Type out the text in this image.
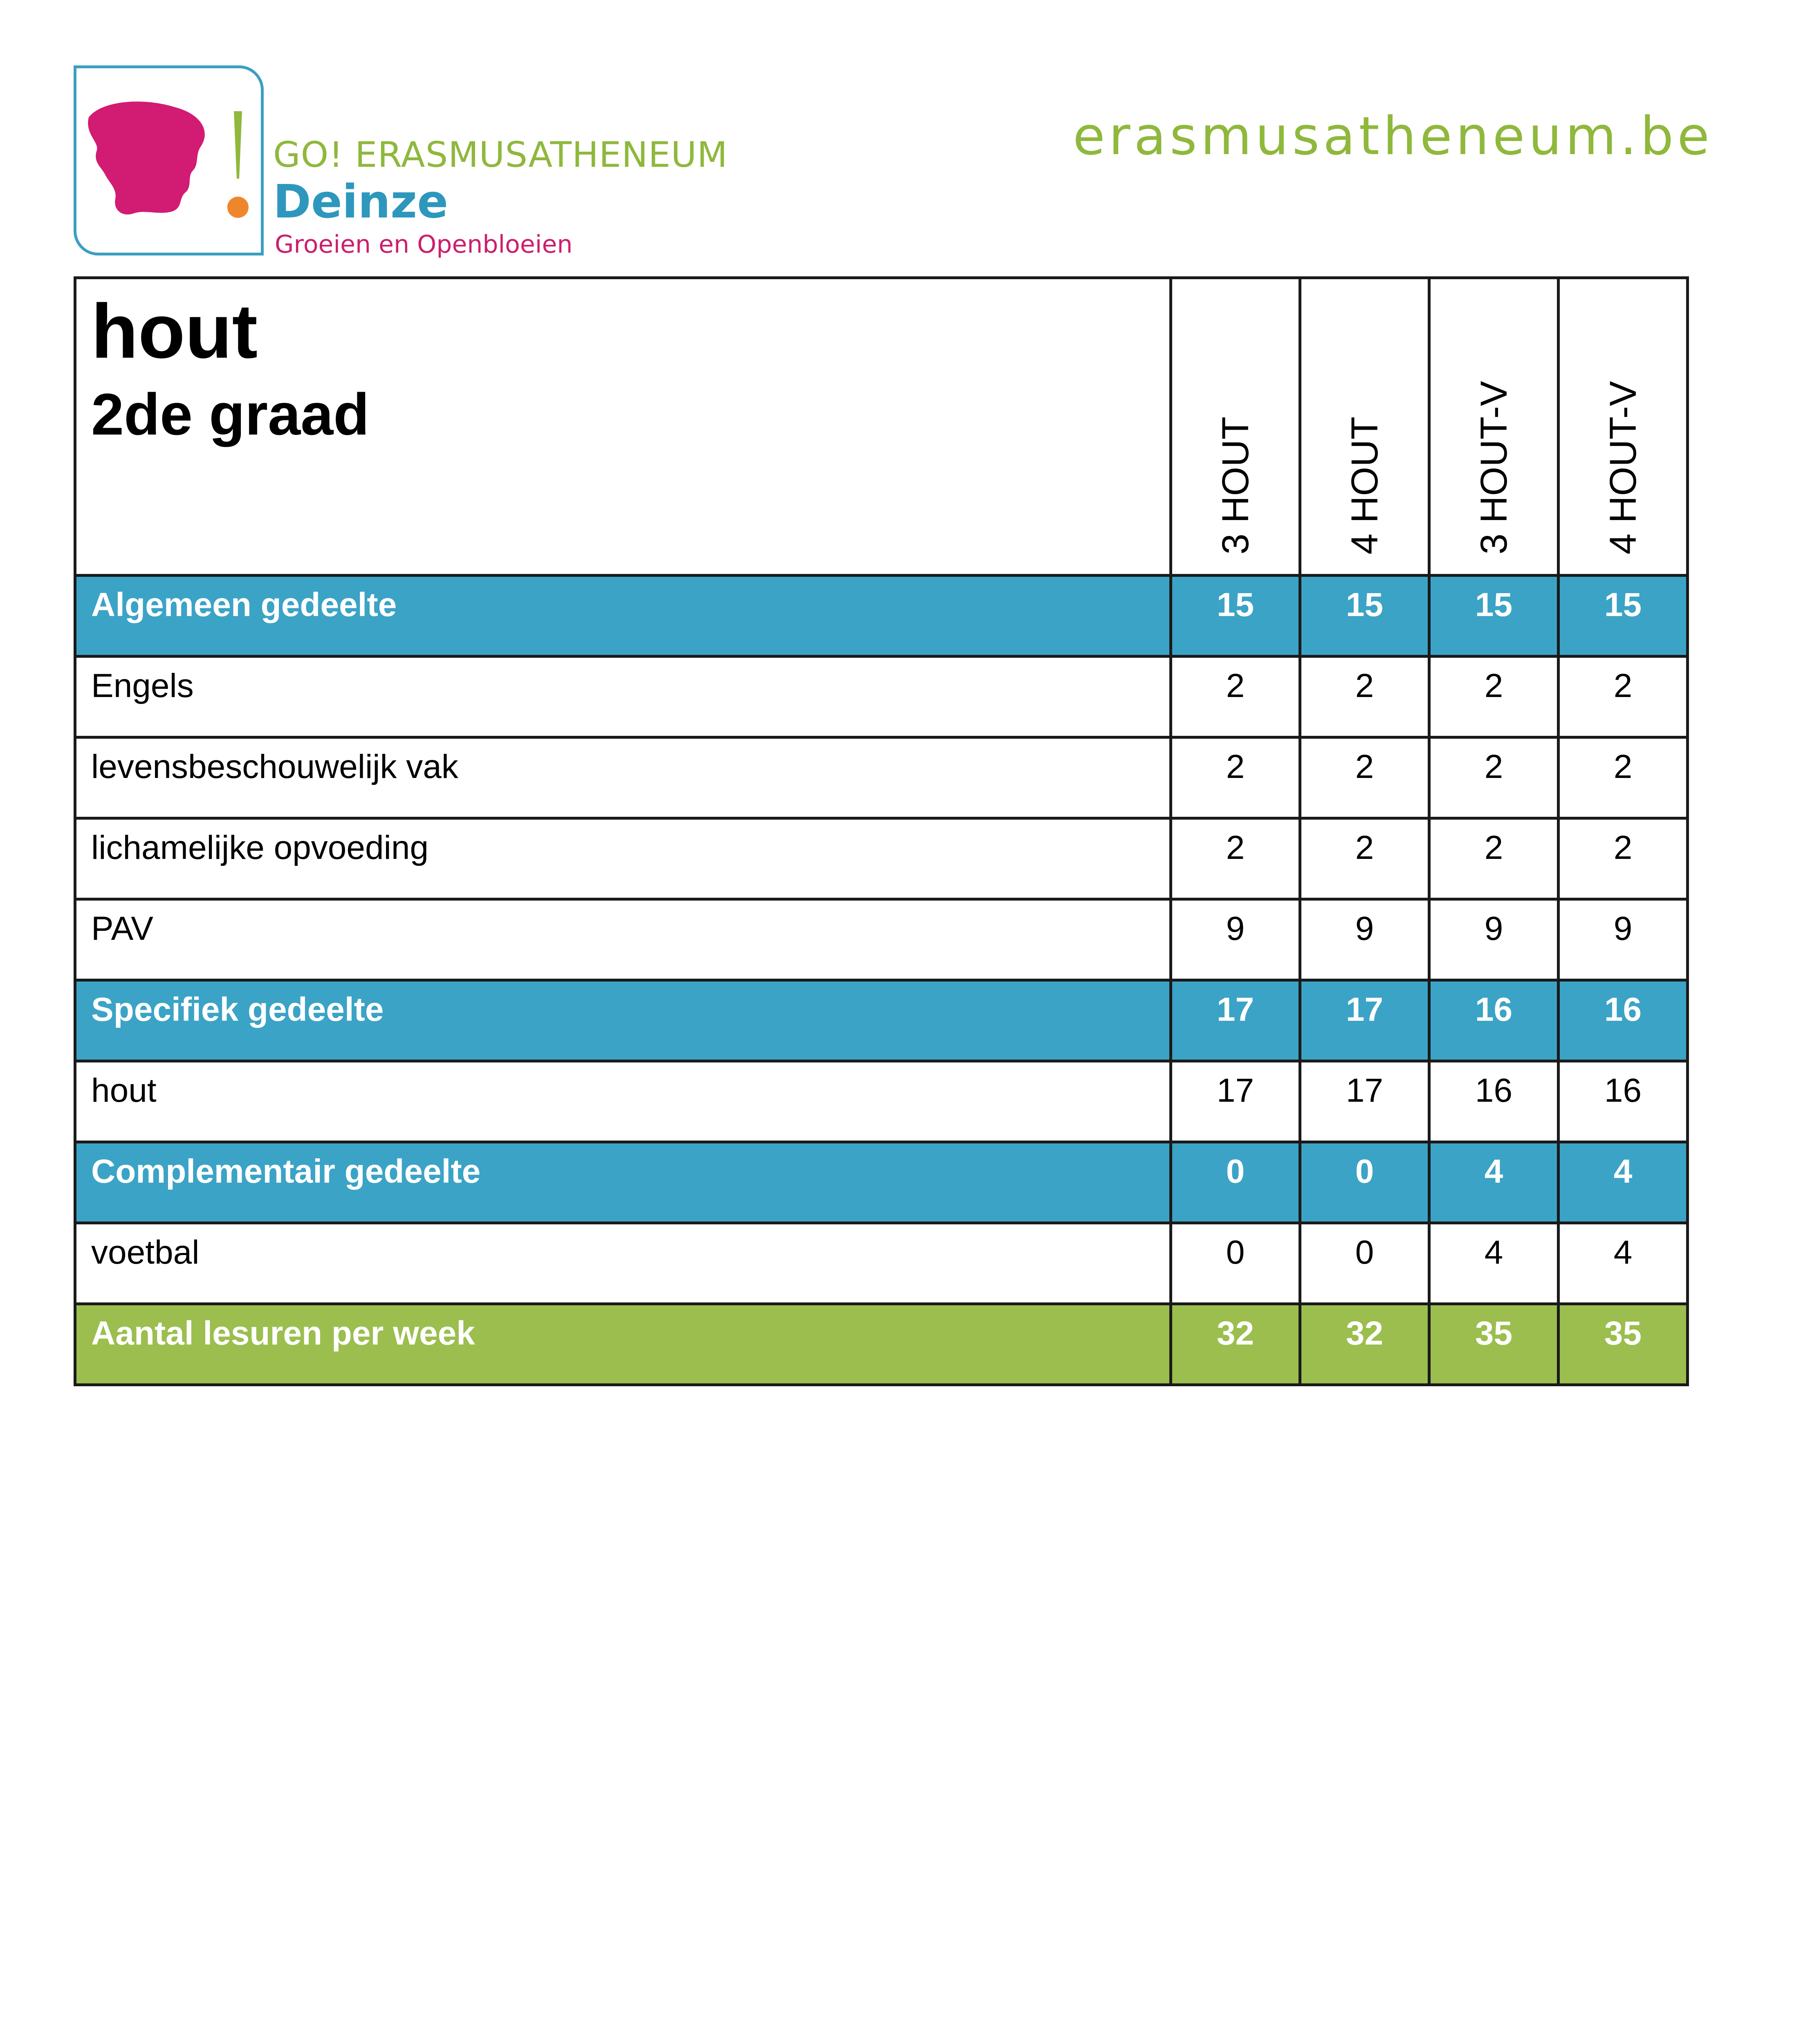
GO! ERASMUSATHENEUM
Deinze
Groeien en Openbloeien
erasmusatheneum.be
hout
2de graad	3 HOUT	4 HOUT	3 HOUT-V	4 HOUT-V

Algemeen gedeelte	15	15	15	15
Engels	2	2	2	2
levensbeschouwelijk vak	2	2	2	2
lichamelijke opvoeding	2	2	2	2
PAV	9	9	9	9
Specifiek gedeelte	17	17	16	16
hout	17	17	16	16
Complementair gedeelte	0	0	4	4
voetbal	0	0	4	4
Aantal lesuren per week	32	32	35	35
